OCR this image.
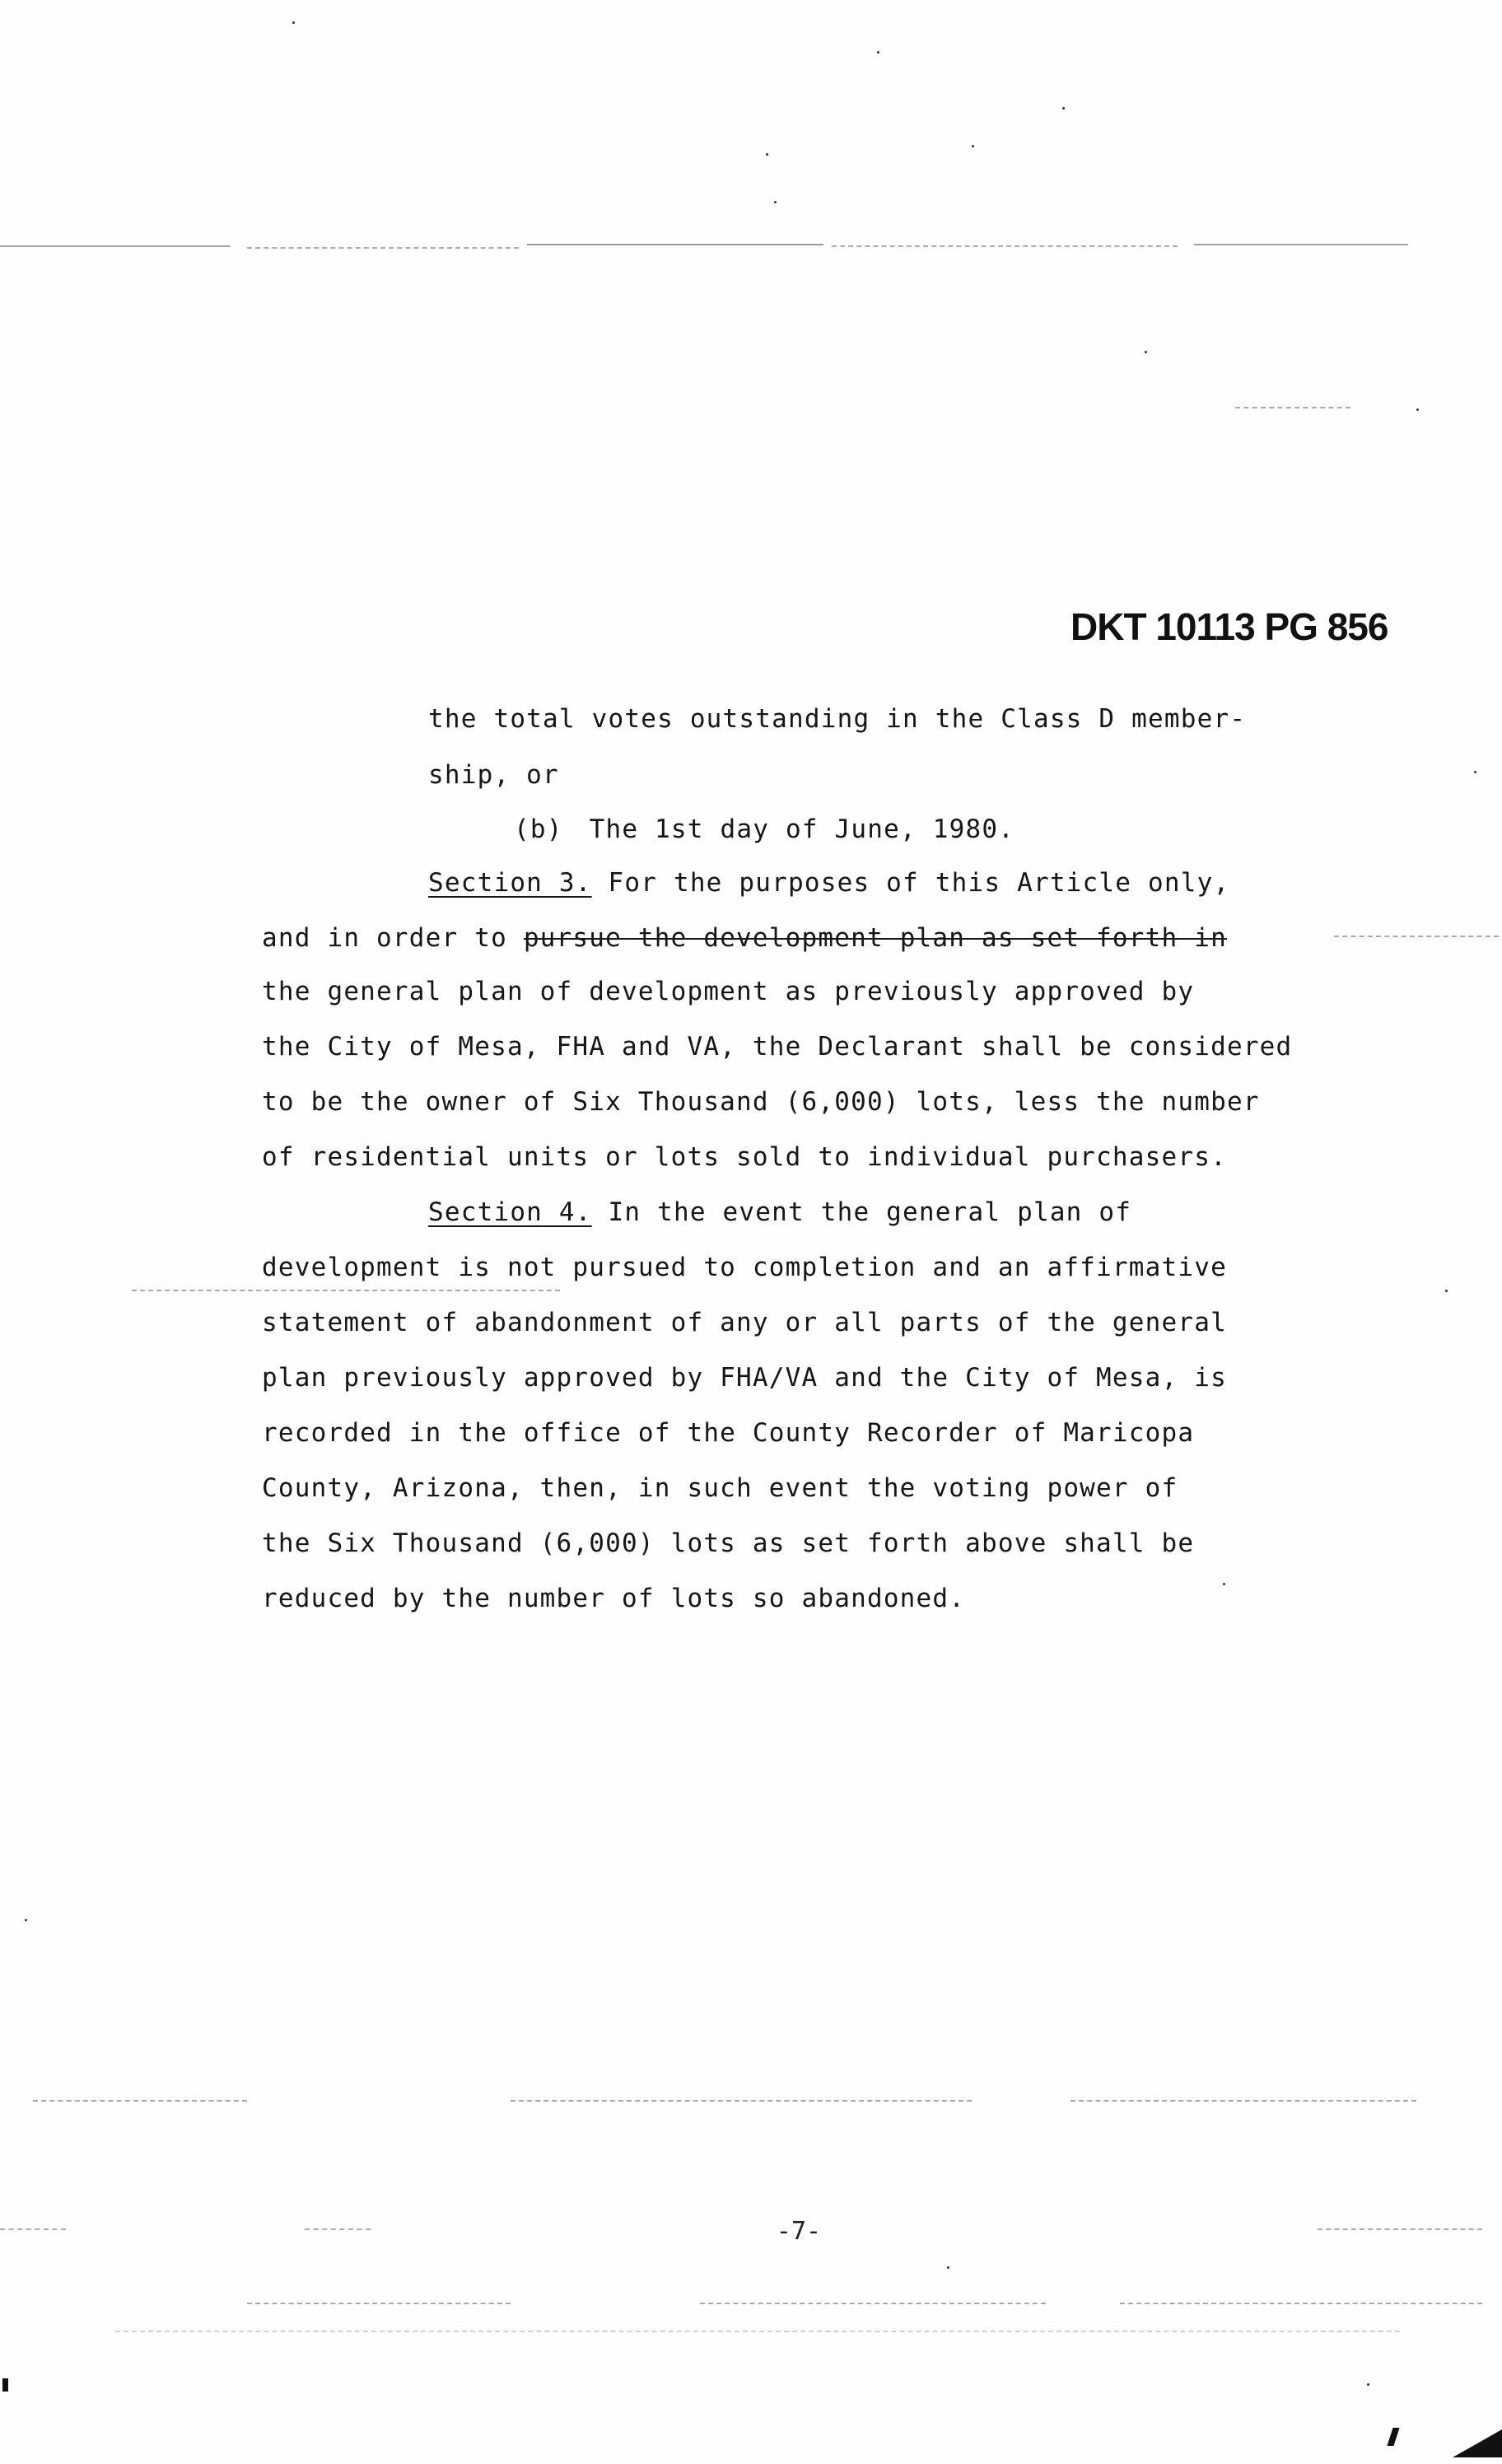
DKT 10113 PG 856
the total votes outstanding in the Class D member-
ship, or
(b) The 1st day of June, 1980.
Section 3. For the purposes of this Article only,
and in order to pursue the development plan as set forth in
the general plan of development as previously approved by
the City of Mesa, FHA and VA, the Declarant shall be considered
to be the owner of Six Thousand (6,000) lots, less the number
of residential units or lots sold to individual purchasers.
Section 4. In the event the general plan of
development is not pursued to completion and an affirmative
statement of abandonment of any or all parts of the general
plan previously approved by FHA/VA and the City of Mesa, is
recorded in the office of the County Recorder of Maricopa
County, Arizona, then, in such event the voting power of
the Six Thousand (6,000) lots as set forth above shall be
reduced by the number of lots so abandoned.
-7-
